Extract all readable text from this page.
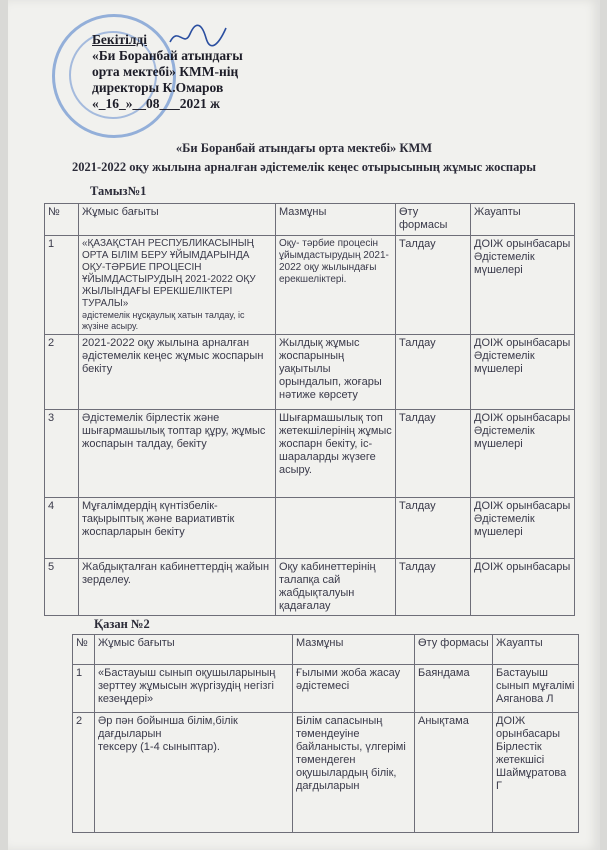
Бекітілді
«Би Боранбай атындағы
орта мектебі» КММ-нің
директоры К.Омаров
«_16_»__08___2021 ж
«Би Боранбай атындағы орта мектебі» КММ
2021-2022 оқу жылына арналған әдістемелік кеңес отырысының жұмыс жоспары
Тамыз№1
№	Жұмыс бағыты	Мазмұны	Өту формасы	Жауапты
1	«ҚАЗАҚСТАН РЕСПУБЛИКАСЫНЫҢ ОРТА БІЛІМ БЕРУ ҰЙЫМДАРЫНДА ОҚУ-ТӘРБИЕ ПРОЦЕСІН ҰЙЫМДАСТЫРУДЫҢ 2021-2022 ОҚУ ЖЫЛЫНДАҒЫ ЕРЕКШЕЛІКТЕРІ ТУРАЛЫ»
әдістемелік нұсқаулық хатын талдау, іс жүзіне асыру.	Оқу- тәрбие процесін ұйымдастырудың 2021-2022 оқу жылындағы ерекшеліктері.	Талдау	ДОІЖ орынбасары Әдістемелік мүшелері
2	2021-2022 оқу жылына арналған әдістемелік кеңес жұмыс жоспарын бекіту	Жылдық жұмыс жоспарының уақытылы орындалып, жоғары нәтиже көрсету	Талдау	ДОІЖ орынбасары Әдістемелік мүшелері
3	Әдістемелік бірлестік және шығармашылық топтар құру, жұмыс жоспарын талдау, бекіту	Шығармашылық топ жетекшілерінің жұмыс жоспарн бекіту, іс-шараларды жүзеге асыру.	Талдау	ДОІЖ орынбасары Әдістемелік мүшелері
4	Мұғалімдердің күнтізбелік-тақырыптық және вариативтік жоспарларын бекіту		Талдау	ДОІЖ орынбасары Әдістемелік мүшелері
5	Жабдықталған кабинеттердің жайын зерделеу.	Оқу кабинеттерінің талапқа сай жабдықталуын қадағалау	Талдау	ДОІЖ орынбасары
Қазан №2
№	Жұмыс бағыты	Мазмұны	Өту формасы	Жауапты
1	«Бастауыш сынып оқушыларының зерттеу жұмысын жүргізудің негізгі кезеңдері»	Ғылыми жоба жасау әдістемесі	Баяндама	Бастауыш сынып мұғалімі Аяганова Л
2	Әр пән бойынша білім,білік дағдыларын
тексеру (1-4 сыныптар).	Білім сапасының төмендеуіне байланысты, үлгерімі төмендеген оқушылардың білік, дағдыларын	Анықтама	ДОІЖ орынбасары Бірлестік жетекшісі Шаймұратова Г
